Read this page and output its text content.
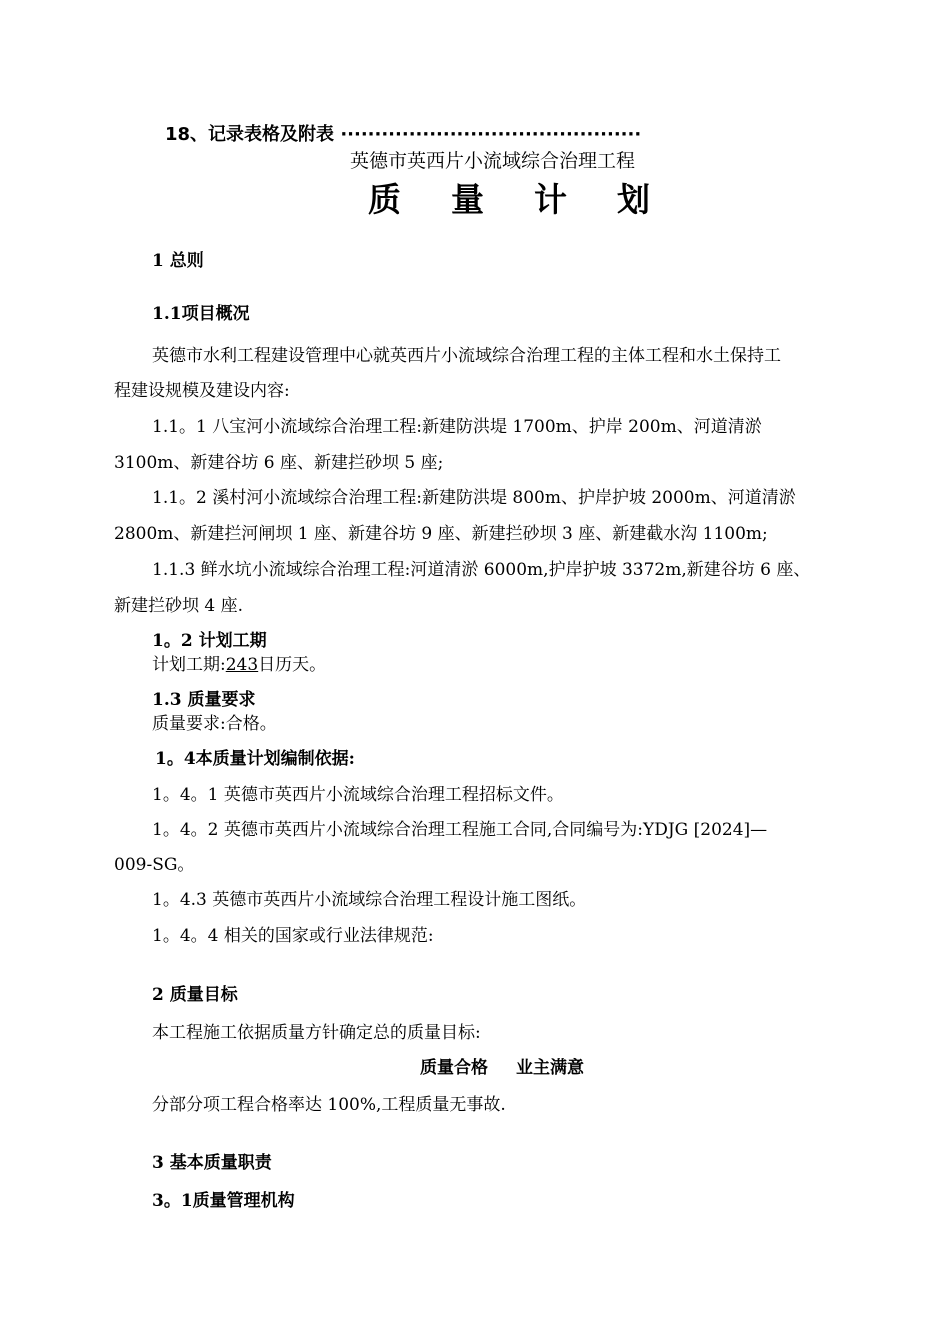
18、记录表格及附表 ············································
英德市英西片小流域综合治理工程
质量计划
1 总则
1.1项目概况
英德市水利工程建设管理中心就英西片小流域综合治理工程的主体工程和水土保持工
程建设规模及建设内容:
1.1。1 八宝河小流域综合治理工程:新建防洪堤 1700m、护岸 200m、河道清淤
3100m、新建谷坊 6 座、新建拦砂坝 5 座;
1.1。2 溪村河小流域综合治理工程:新建防洪堤 800m、护岸护坡 2000m、河道清淤
2800m、新建拦河闸坝 1 座、新建谷坊 9 座、新建拦砂坝 3 座、新建截水沟 1100m;
1.1.3 鲜水坑小流域综合治理工程:河道清淤 6000m,护岸护坡 3372m,新建谷坊 6 座、
新建拦砂坝 4 座.
1。2 计划工期
计划工期:243日历天。
1.3 质量要求
质量要求:合格。
1。4本质量计划编制依据:
1。4。1 英德市英西片小流域综合治理工程招标文件。
1。4。2 英德市英西片小流域综合治理工程施工合同,合同编号为:YDJG [2024]—
009-SG。
1。4.3 英德市英西片小流域综合治理工程设计施工图纸。
1。4。4 相关的国家或行业法律规范:
2 质量目标
本工程施工依据质量方针确定总的质量目标:
质量合格 业主满意
分部分项工程合格率达 100%,工程质量无事故.
3 基本质量职责
3。1质量管理机构
